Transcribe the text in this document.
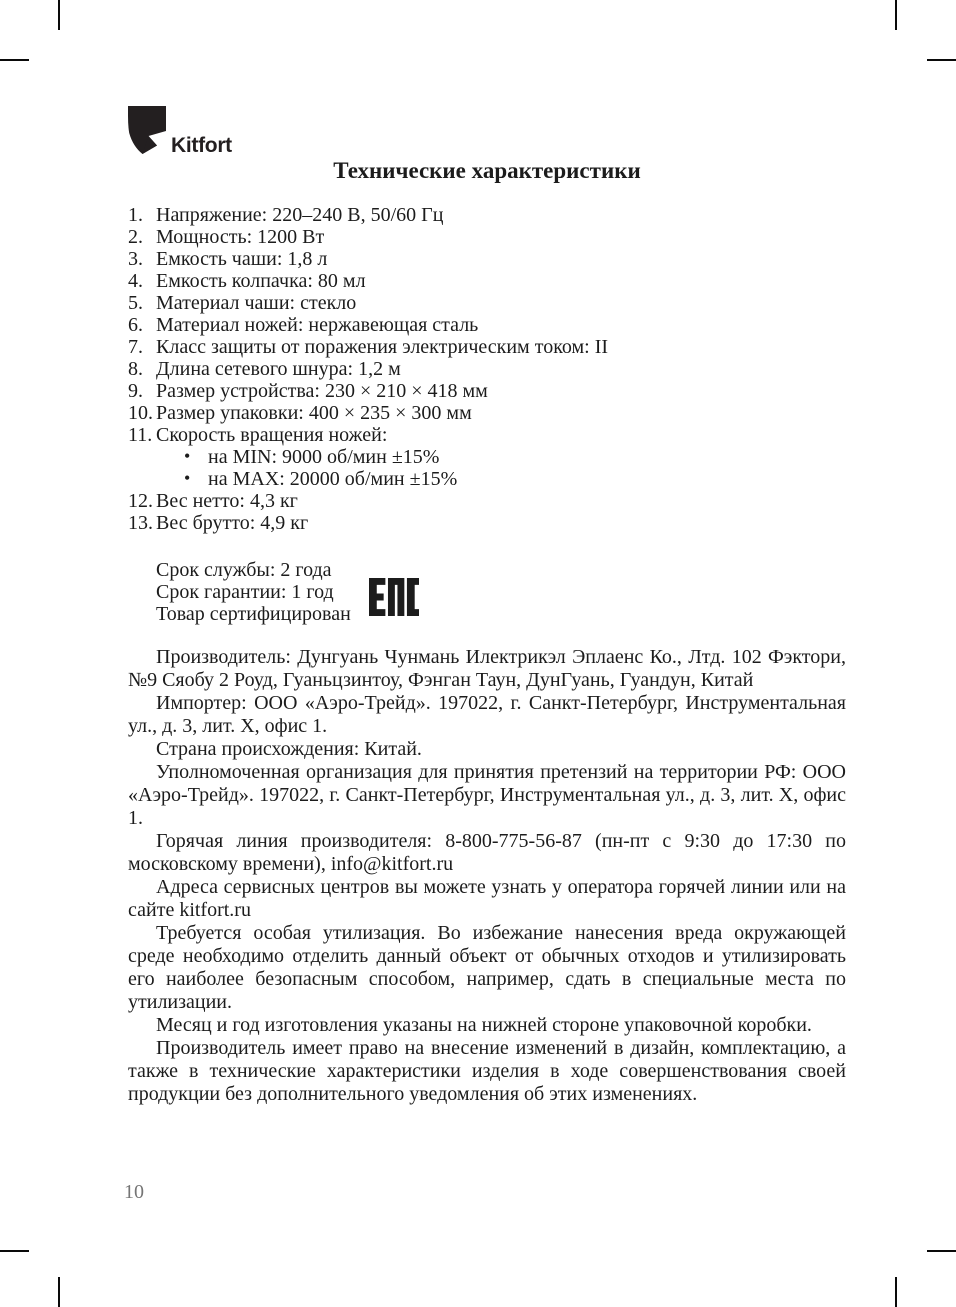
Kitfort
Технические характеристики
1. Напряжение: 220–240 В, 50/60 Гц
2. Мощность: 1200 Вт
3. Емкость чаши: 1,8 л
4. Емкость колпачка: 80 мл
5. Материал чаши: стекло
6. Материал ножей: нержавеющая сталь
7. Класс защиты от поражения электрическим током: II
8. Длина сетевого шнура: 1,2 м
9. Размер устройства: 230 × 210 × 418 мм
10. Размер упаковки: 400 × 235 × 300 мм
11. Скорость вращения ножей:
• на MIN: 9000 об/мин ±15%
• на MAX: 20000 об/мин ±15%
12. Вес нетто: 4,3 кг
13. Вес брутто: 4,9 кг
Срок службы: 2 года
Срок гарантии: 1 год
Товар сертифицирован

Производитель: Дунгуань Чунмань Илектрикэл Эплаенс Ко., Лтд. 102 Фэктори, №9 Сяобу 2 Роуд, Гуаньцзинтоу, Фэнган Таун, ДунГуань, Гуандун, Китай

Импортер: ООО «Аэро-Трейд». 197022, г. Санкт-Петербург, Инструментальная ул., д. 3, лит. Х, офис 1.

Страна происхождения: Китай.

Уполномоченная организация для принятия претензий на территории РФ: ООО «Аэро-Трейд». 197022, г. Санкт-Петербург, Инструментальная ул., д. 3, лит. Х, офис 1.

Горячая линия производителя: 8-800-775-56-87 (пн-пт с 9:30 до 17:30 по московскому времени), info@kitfort.ru

Адреса сервисных центров вы можете узнать у оператора горячей линии или на сайте kitfort.ru

Требуется особая утилизация. Во избежание нанесения вреда окружающей среде необходимо отделить данный объект от обычных отходов и утилизировать его наиболее безопасным способом, например, сдать в специальные места по утилизации.

Месяц и год изготовления указаны на нижней стороне упаковочной коробки.

Производитель имеет право на внесение изменений в дизайн, комплектацию, а также в технические характеристики изделия в ходе совершенствования своей продукции без дополнительного уведомления об этих изменениях.

10
